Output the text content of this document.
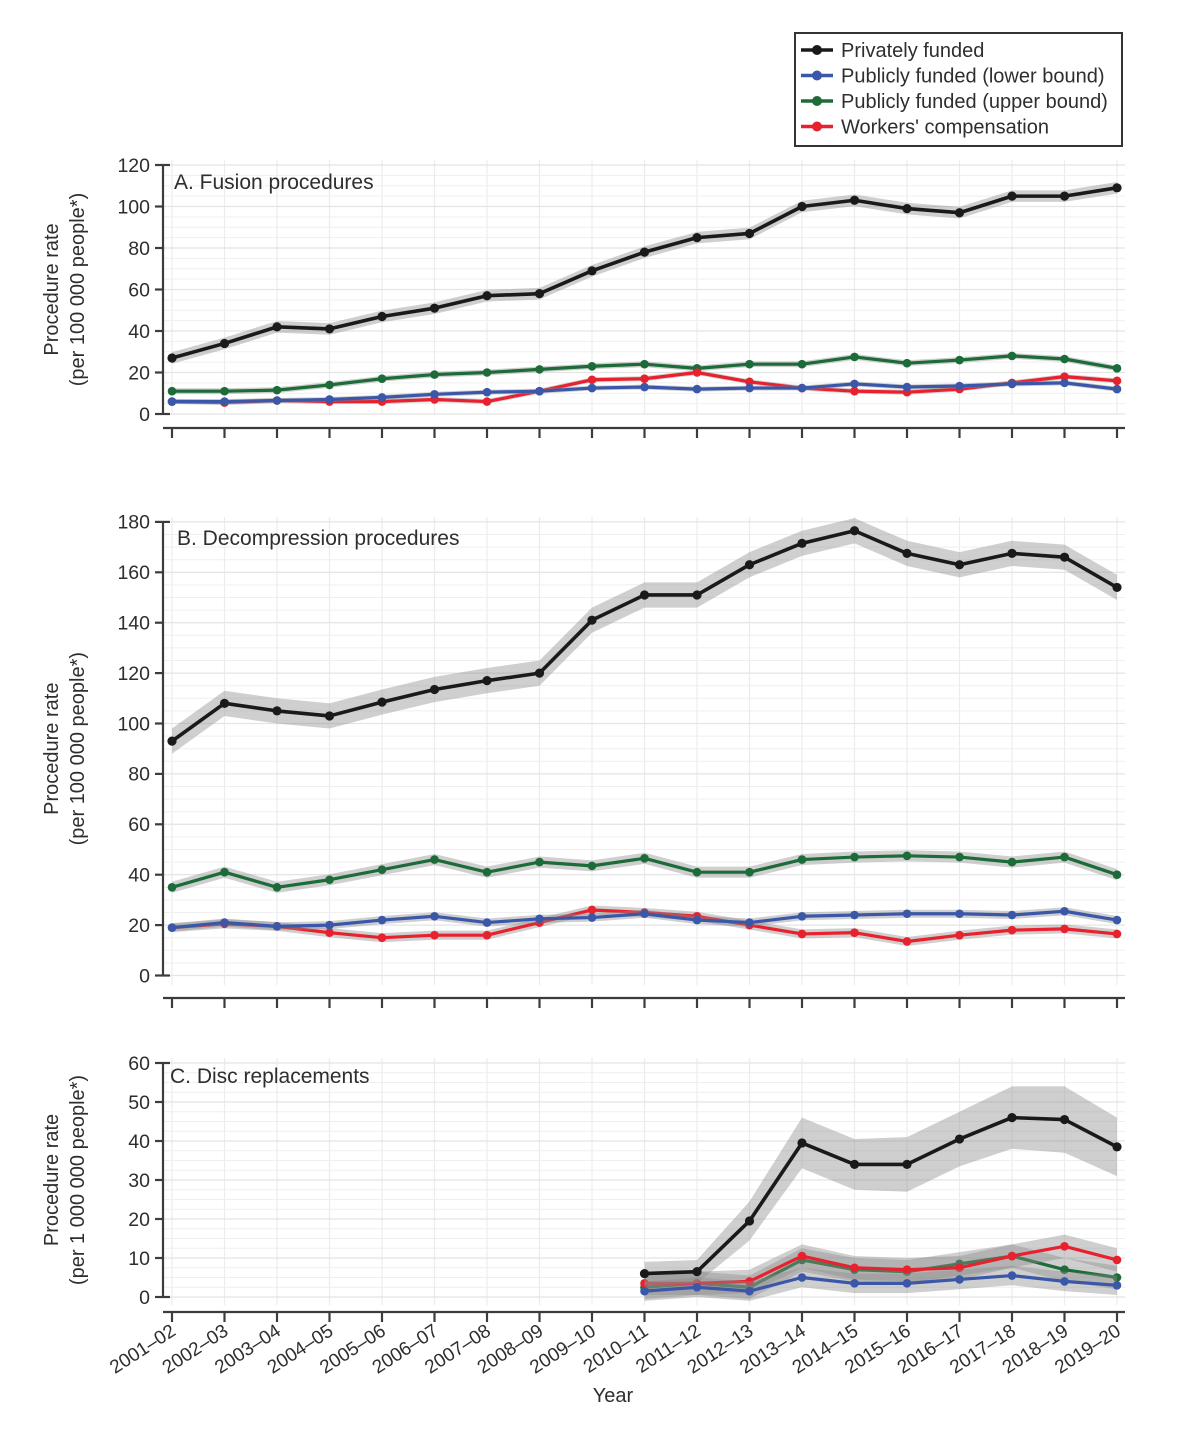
0
20
40
60
80
100
120
A. Fusion procedures
Procedure rate (per 100 000 people*)
0
20
40
60
80
100
120
140
160
180
B. Decompression procedures
Procedure rate (per 100 000 people*)
0
10
20
30
40
50
60
2001–02
2002–03
2003–04
2004–05
2005–06
2006–07
2007–08
2008–09
2009–10
2010–11
2011–12
2012–13
2013–14
2014–15
2015–16
2016–17
2017–18
2018–19
2019–20
C. Disc replacements
Procedure rate (per 1 000 000 people*)
Privately funded
Publicly funded (lower bound)
Publicly funded (upper bound)
Workers' compensation
Year
